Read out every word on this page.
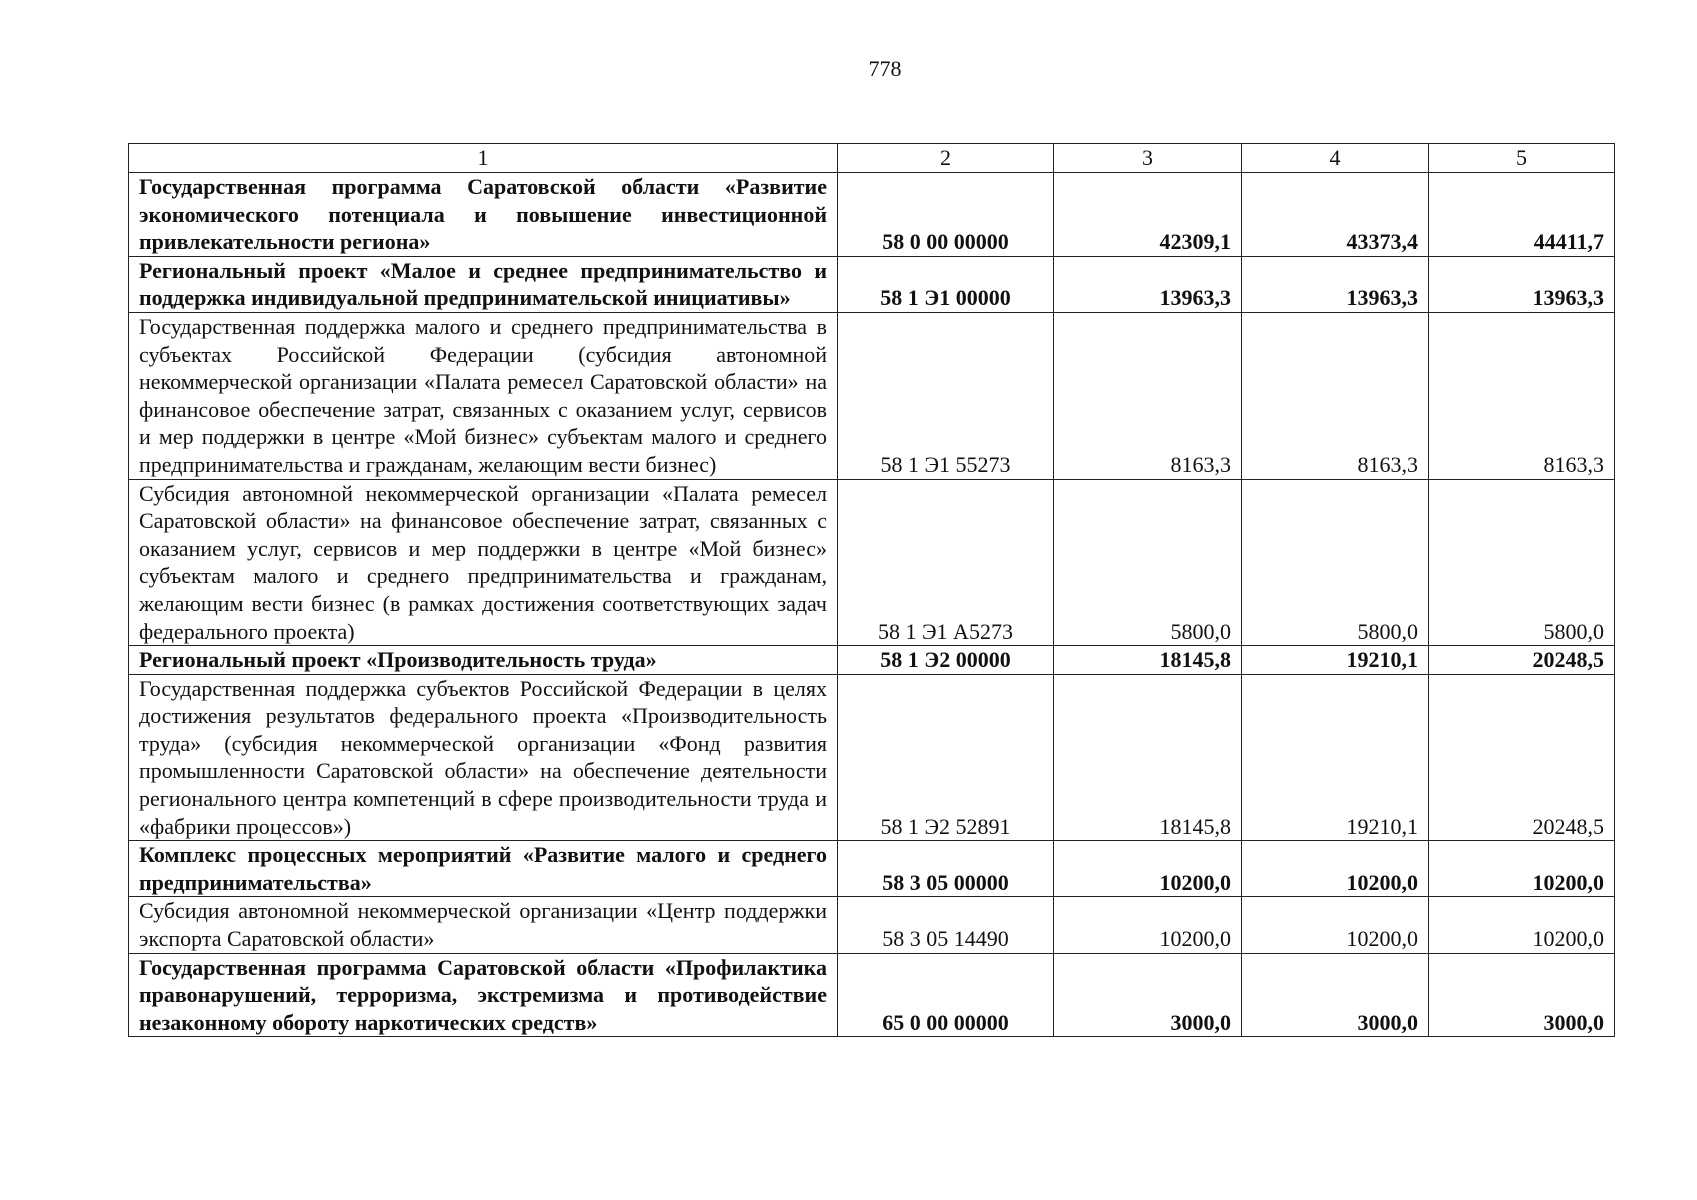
778
1	2	3	4	5
Государственная программа Саратовской области «Развитие экономического потенциала и повышение инвестиционной привлекательности региона»	58 0 00 00000	42309,1	43373,4	44411,7
Региональный проект «Малое и среднее предпринимательство и поддержка индивидуальной предпринимательской инициативы»	58 1 Э1 00000	13963,3	13963,3	13963,3
Государственная поддержка малого и среднего предпринимательства в субъектах Российской Федерации (субсидия автономной некоммерческой организации «Палата ремесел Саратовской области» на финансовое обеспечение затрат, связанных с оказанием услуг, сервисов и мер поддержки в центре «Мой бизнес» субъектам малого и среднего предпринимательства и гражданам, желающим вести бизнес)	58 1 Э1 55273	8163,3	8163,3	8163,3
Субсидия автономной некоммерческой организации «Палата ремесел Саратовской области» на финансовое обеспечение затрат, связанных с оказанием услуг, сервисов и мер поддержки в центре «Мой бизнес» субъектам малого и среднего предпринимательства и гражданам, желающим вести бизнес (в рамках достижения соответствующих задач федерального проекта)	58 1 Э1 А5273	5800,0	5800,0	5800,0
Региональный проект «Производительность труда»	58 1 Э2 00000	18145,8	19210,1	20248,5
Государственная поддержка субъектов Российской Федерации в целях достижения результатов федерального проекта «Производительность труда» (субсидия некоммерческой организации «Фонд развития промышленности Саратовской области» на обеспечение деятельности регионального центра компетенций в сфере производительности труда и «фабрики процессов»)	58 1 Э2 52891	18145,8	19210,1	20248,5
Комплекс процессных мероприятий «Развитие малого и среднего предпринимательства»	58 3 05 00000	10200,0	10200,0	10200,0
Субсидия автономной некоммерческой организации «Центр поддержки экспорта Саратовской области»	58 3 05 14490	10200,0	10200,0	10200,0
Государственная программа Саратовской области «Профилактика правонарушений, терроризма, экстремизма и противодействие незаконному обороту наркотических средств»	65 0 00 00000	3000,0	3000,0	3000,0
